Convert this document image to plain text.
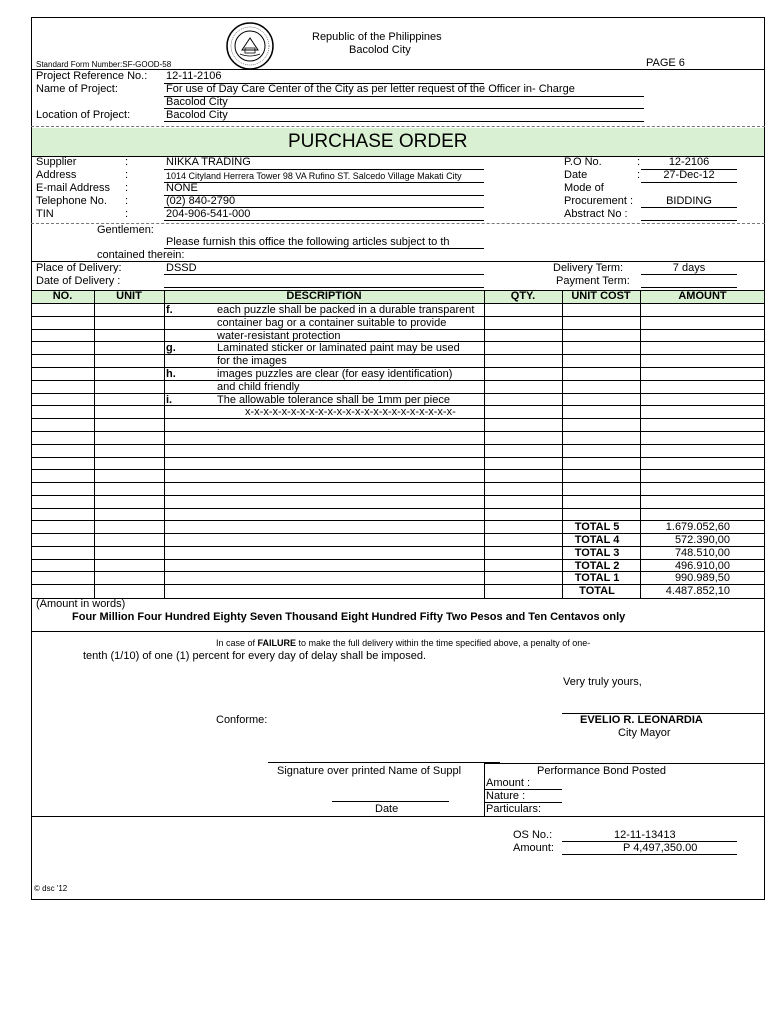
Republic of the Philippines
Bacolod City
Standard Form Number:SF-GOOD-58	PAGE 6
Project Reference No.: 12-11-2106
Name of Project:	For use of Day Care Center of the City as per letter request of the Officer in- Charge
Bacolod City
Location of Project:	Bacolod City
PURCHASE ORDER
Supplier	:	NIKKA TRADING
Address	:	1014 Cityland Herrera Tower 98 VA Rufino ST. Salcedo Village Makati City
E-mail Address :	NONE
Telephone No. :	(02) 840-2790
TIN	:	204-906-541-000
P.O No.	:	12-2106
Date	:	27-Dec-12
Mode of
Procurement :	BIDDING
Abstract No :
Gentlemen:
Please furnish this office the following articles subject to th
contained therein:
Place of Delivery:	DSSD
Date of Delivery :
Delivery Term:	7 days
Payment Term:
NO.	UNIT	DESCRIPTION	QTY.	UNIT COST	AMOUNT
f.	each puzzle shall be packed in a durable transparent
container bag or a container suitable to provide
water-resistant protection
g.	Laminated sticker or laminated paint may be used
for the images
h.	images puzzles are clear (for easy identification)
and child friendly
i.	The allowable tolerance shall be 1mm per piece
x-x-x-x-x-x-x-x-x-x-x-x-x-x-x-x-x-x-x-x-x-x-x-
TOTAL 5	1.679.052,60
TOTAL 4	572.390,00
TOTAL 3	748.510,00
TOTAL 2	496.910,00
TOTAL 1	990.989,50
TOTAL	4.487.852,10
(Amount in words)
Four Million Four Hundred Eighty Seven Thousand Eight Hundred Fifty Two Pesos and Ten Centavos only
In case of FAILURE to make the full delivery within the time specified above, a penalty of one-
tenth (1/10) of one (1) percent for every day of delay shall be imposed.
Very truly yours,
Conforme:	EVELIO R. LEONARDIA
City Mayor
Signature over printed Name of Suppl
Date
Performance Bond Posted
Amount :
Nature :
Particulars:
OS No.:	12-11-13413
Amount:	P 4,497,350.00
© dsc '12
